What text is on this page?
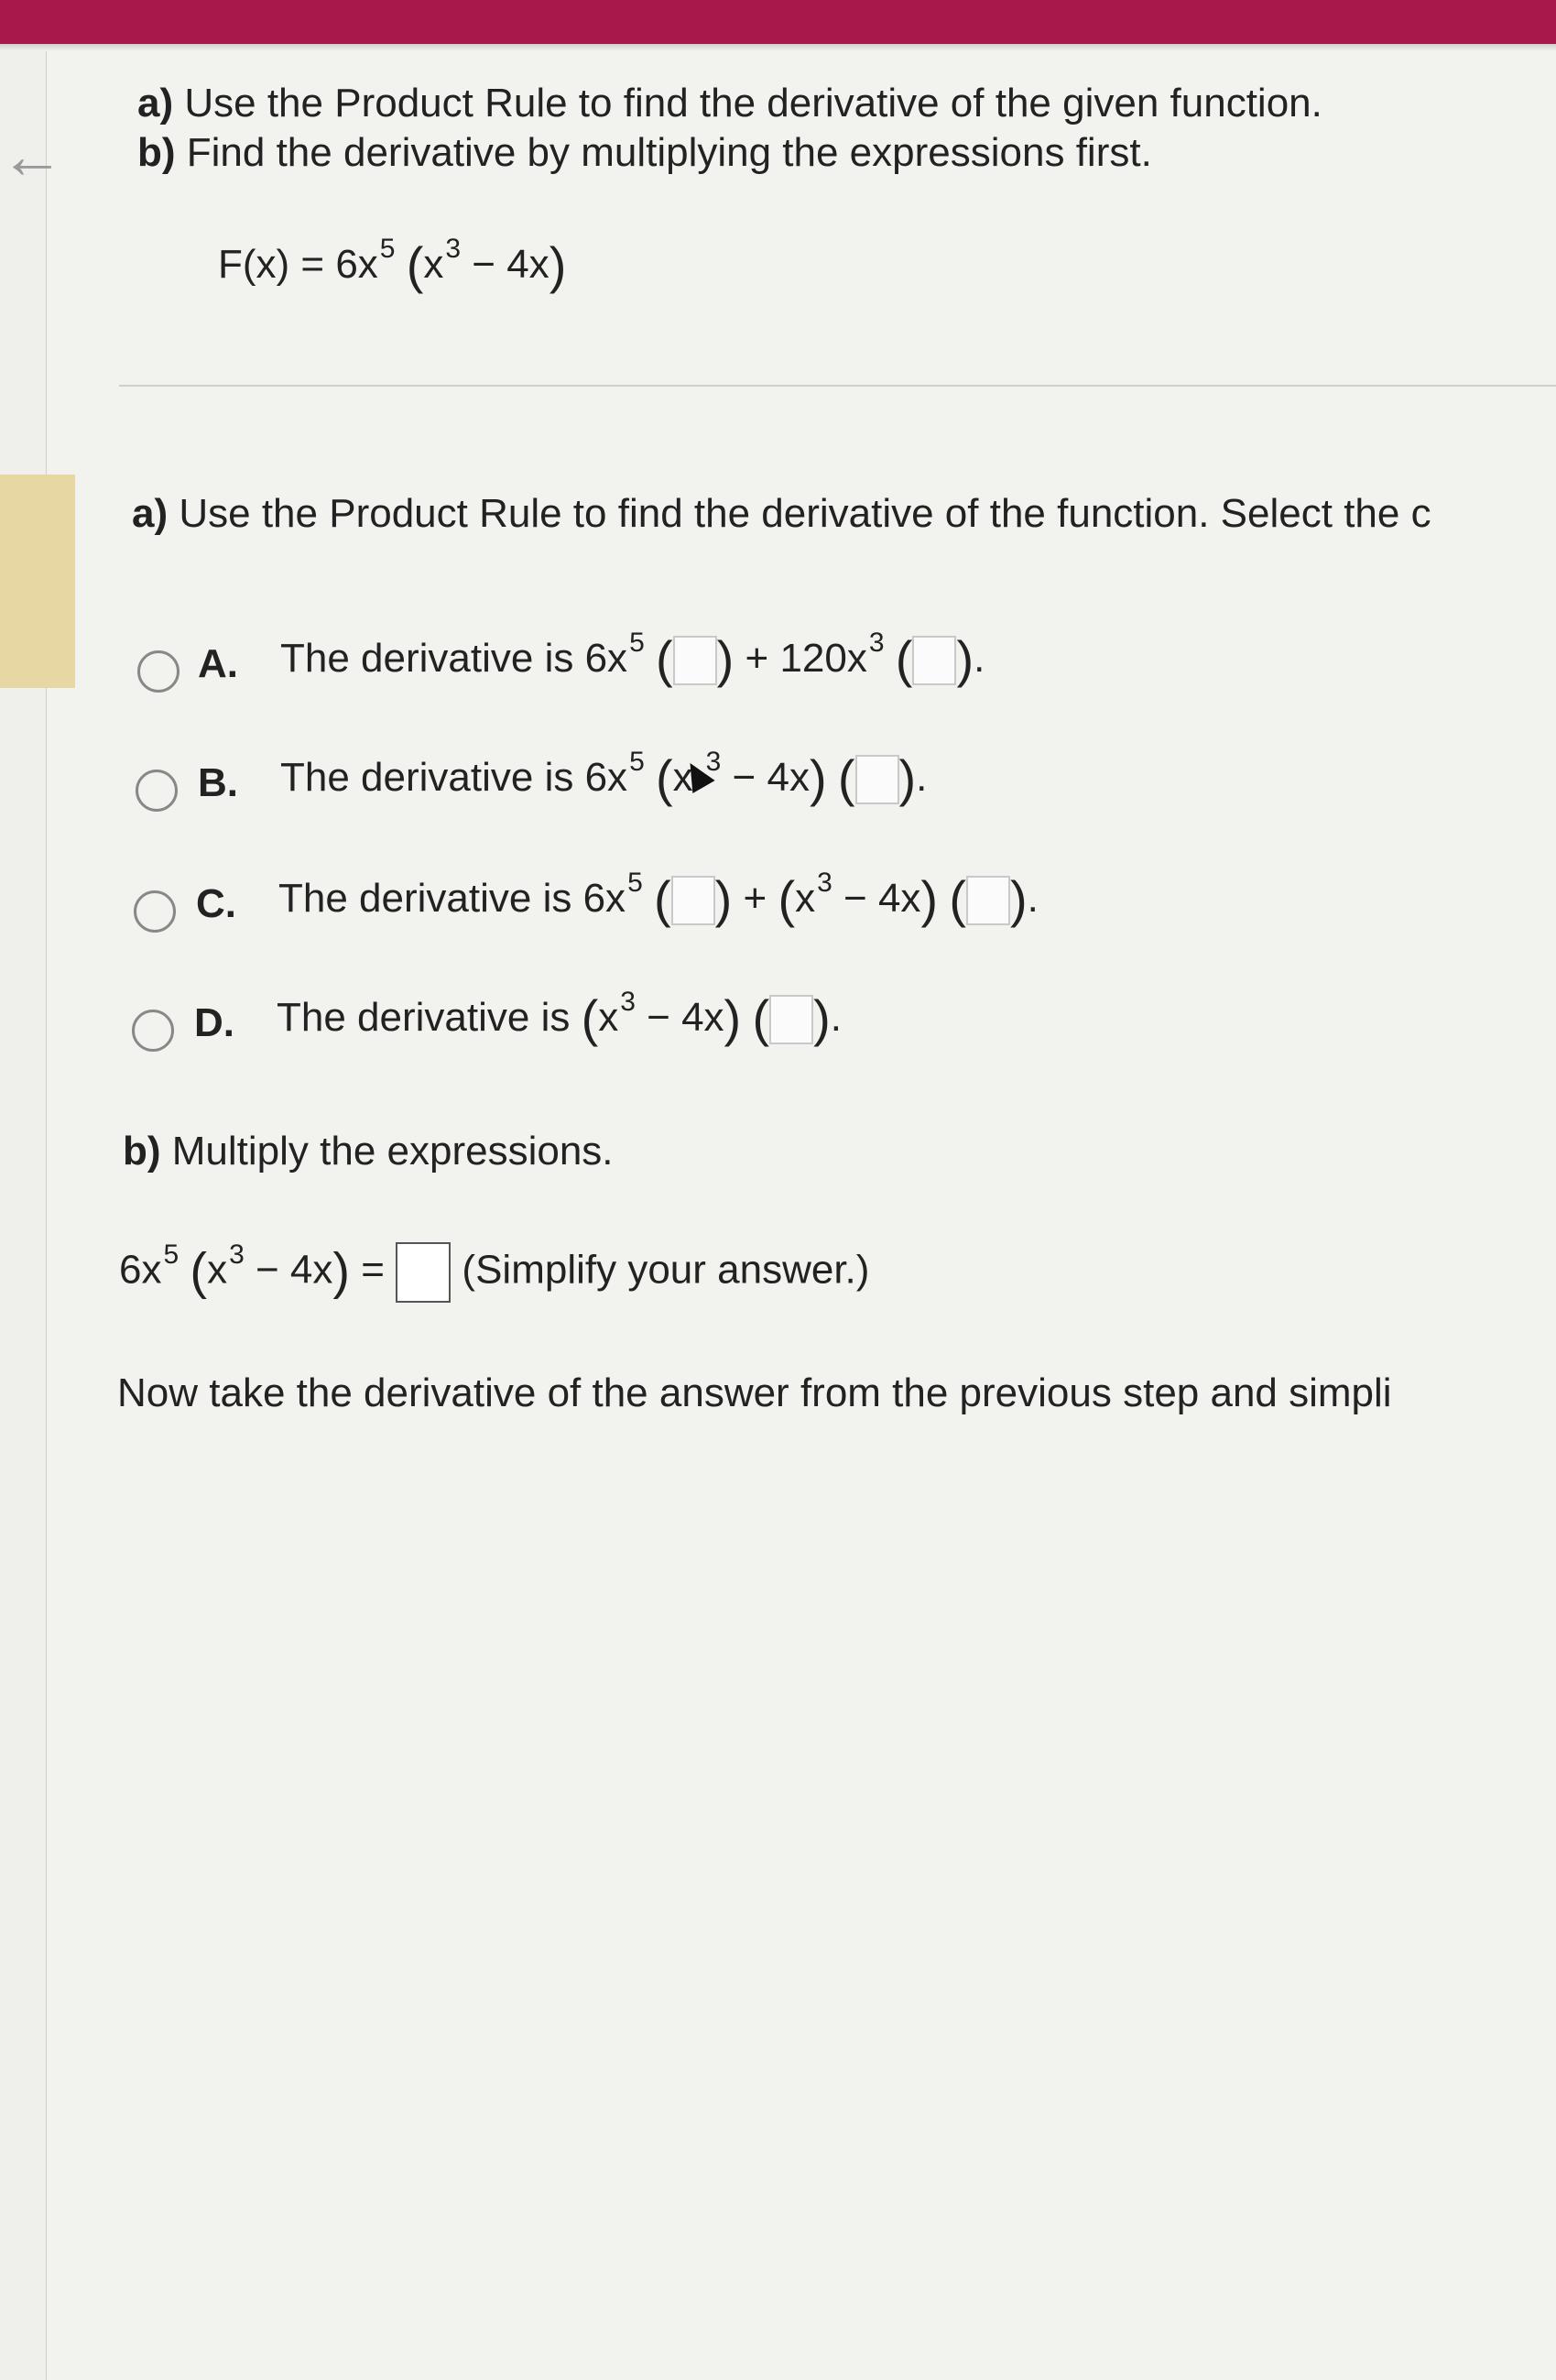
←
a) Use the Product Rule to find the derivative of the given function.
b) Find the derivative by multiplying the expressions first.
$F(x) = 6x^5$ $(x^3 - 4x)$
a) Use the Product Rule to find the derivative of the function. Select the c
A. The derivative is $6x^5$ ( ) + $120x^3$ ( ).
B. The derivative is $6x^5$ (x $^3$ − 4x) ( ).
C. The derivative is $6x^5$ ( ) + $(x^3 - 4x)$ ( ).
D. The derivative is $(x^3 - 4x)$ ( ).
b) Multiply the expressions.
$6x^5$ $(x^3 - 4x)$ =  (Simplify your answer.)
Now take the derivative of the answer from the previous step and simpli
